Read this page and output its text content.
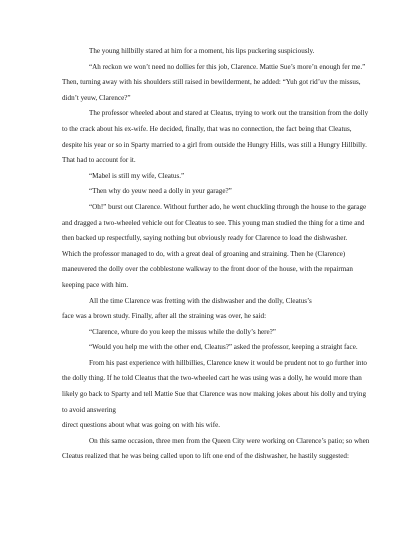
The young hillbilly stared at him for a moment, his lips puckering suspiciously.
“Ah reckon we won’t need no dollies fer this job, Clarence. Mattie Sue’s more’n enough fer me.”
Then, turning away with his shoulders still raised in bewilderment, he added: “Yuh got rid’uv the missus,
didn’t yeuw, Clarence?”
The professor wheeled about and stared at Cleatus, trying to work out the transition from the dolly
to the crack about his ex-wife. He decided, finally, that was no connection, the fact being that Cleatus,
despite his year or so in Sparty married to a girl from outside the Hungry Hills, was still a Hungry Hillbilly.
That had to account for it.
“Mabel is still my wife, Cleatus.”
“Then why do yeuw need a dolly in yeur garage?”
“Oh!” burst out Clarence. Without further ado, he went chuckling through the house to the garage
and dragged a two-wheeled vehicle out for Cleatus to see. This young man studied the thing for a time and
then backed up respectfully, saying nothing but obviously ready for Clarence to load the dishwasher.
Which the professor managed to do, with a great deal of groaning and straining. Then he (Clarence)
maneuvered the dolly over the cobblestone walkway to the front door of the house, with the repairman
keeping pace with him.
All the time Clarence was fretting with the dishwasher and the dolly, Cleatus’s
face was a brown study. Finally, after all the straining was over, he said:
“Clarence, whure do you keep the missus while the dolly’s here?”
“Would you help me with the other end, Cleatus?” asked the professor, keeping a straight face.
From his past experience with hillbillies, Clarence knew it would be prudent not to go further into
the dolly thing. If he told Cleatus that the two-wheeled cart he was using was a dolly, he would more than
likely go back to Sparty and tell Mattie Sue that Clarence was now making jokes about his dolly and trying
to avoid answering
direct questions about what was going on with his wife.
On this same occasion, three men from the Queen City were working on Clarence’s patio; so when
Cleatus realized that he was being called upon to lift one end of the dishwasher, he hastily suggested:
